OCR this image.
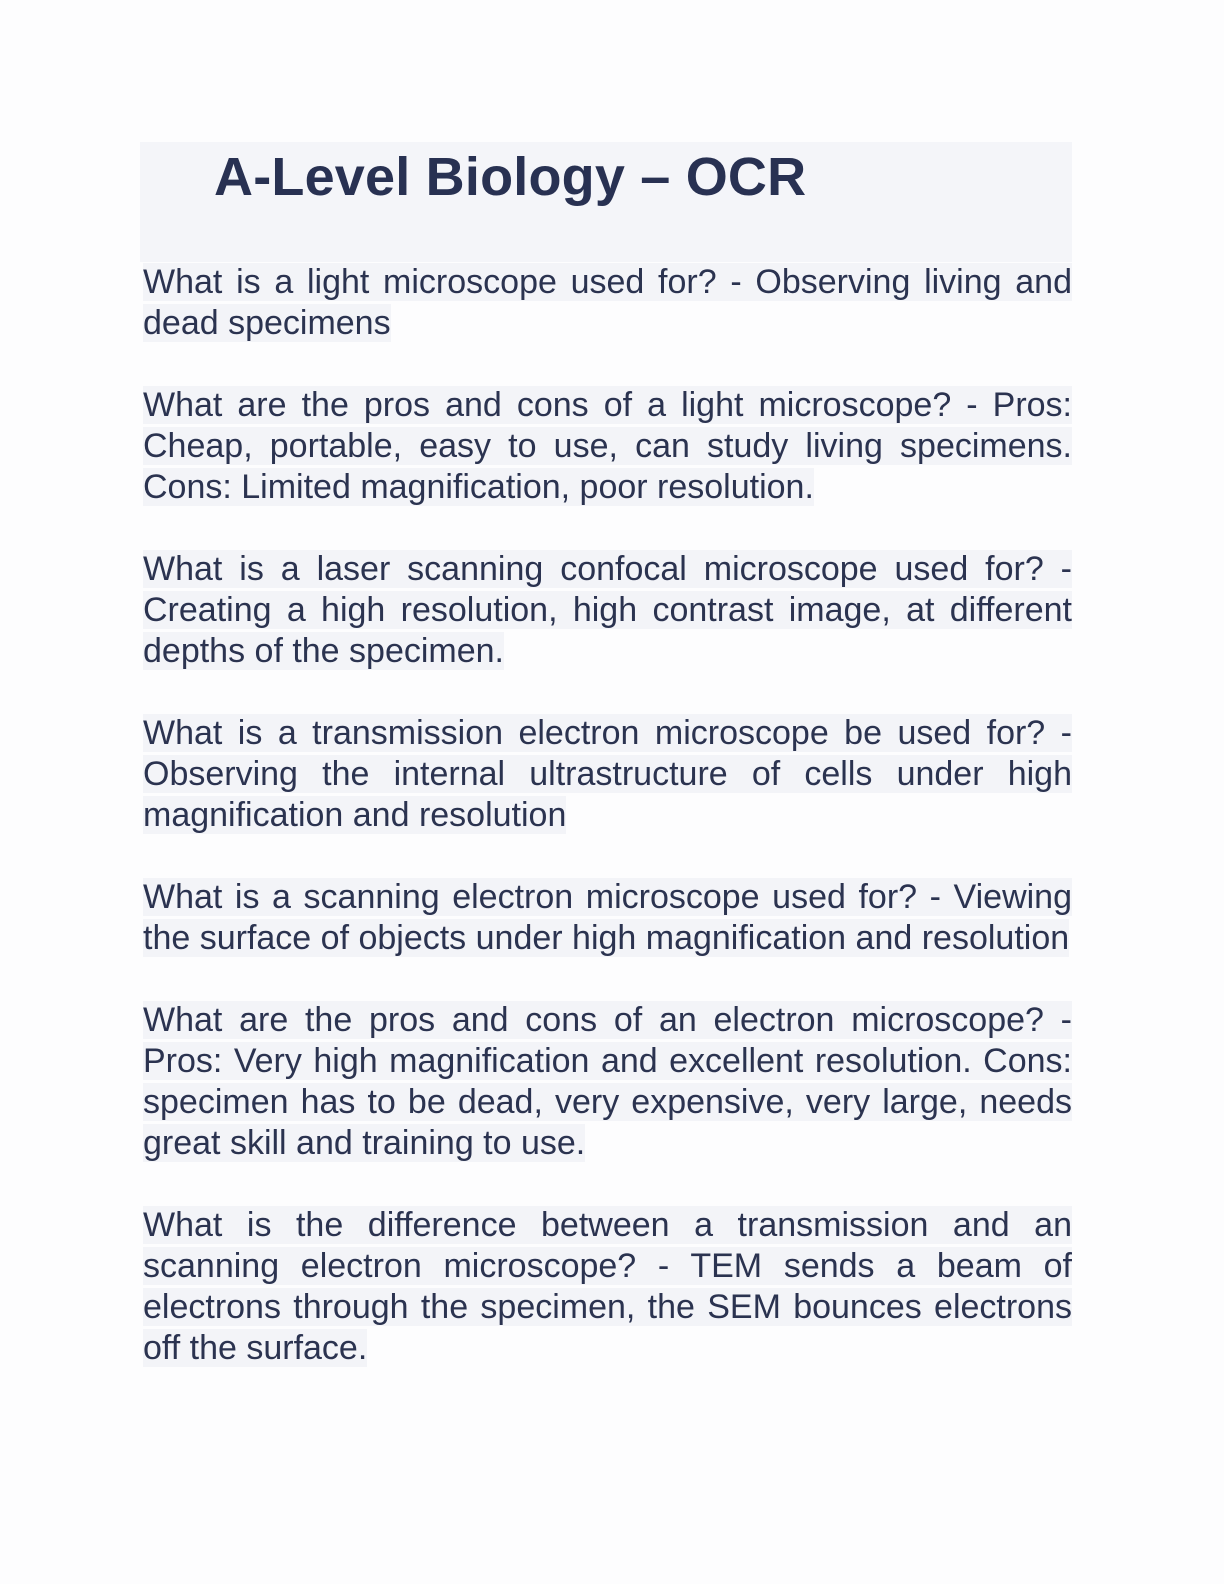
A-Level Biology – OCR

What is a light microscope used for? - Observing living and dead specimens

What are the pros and cons of a light microscope? - Pros: Cheap, portable, easy to use, can study living specimens. Cons: Limited magnification, poor resolution.

What is a laser scanning confocal microscope used for? - Creating a high resolution, high contrast image, at different depths of the specimen.

What is a transmission electron microscope be used for? - Observing the internal ultrastructure of cells under high magnification and resolution

What is a scanning electron microscope used for? - Viewing the surface of objects under high magnification and resolution

What are the pros and cons of an electron microscope? - Pros: Very high magnification and excellent resolution. Cons: specimen has to be dead, very expensive, very large, needs great skill and training to use.

What is the difference between a transmission and an scanning electron microscope? - TEM sends a beam of electrons through the specimen, the SEM bounces electrons off the surface.
